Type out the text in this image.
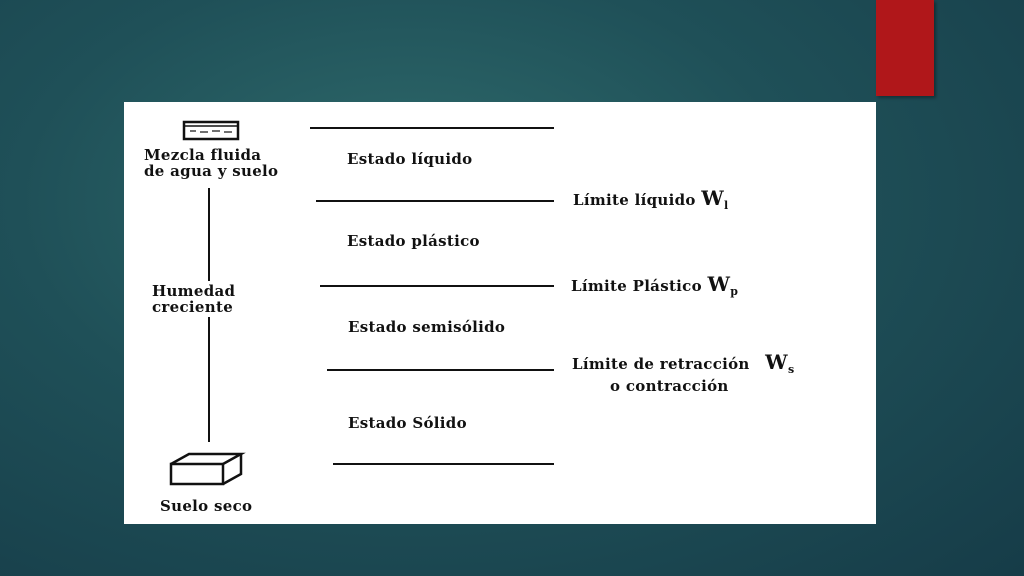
Mezcla fluida
de agua y suelo
Humedad
creciente
Suelo seco
Estado líquido
Estado plástico
Estado semisólido
Estado Sólido
Límite líquido $W_l$
Límite Plástico $W_p$
Límite de retracción $W_s$
o contracción
